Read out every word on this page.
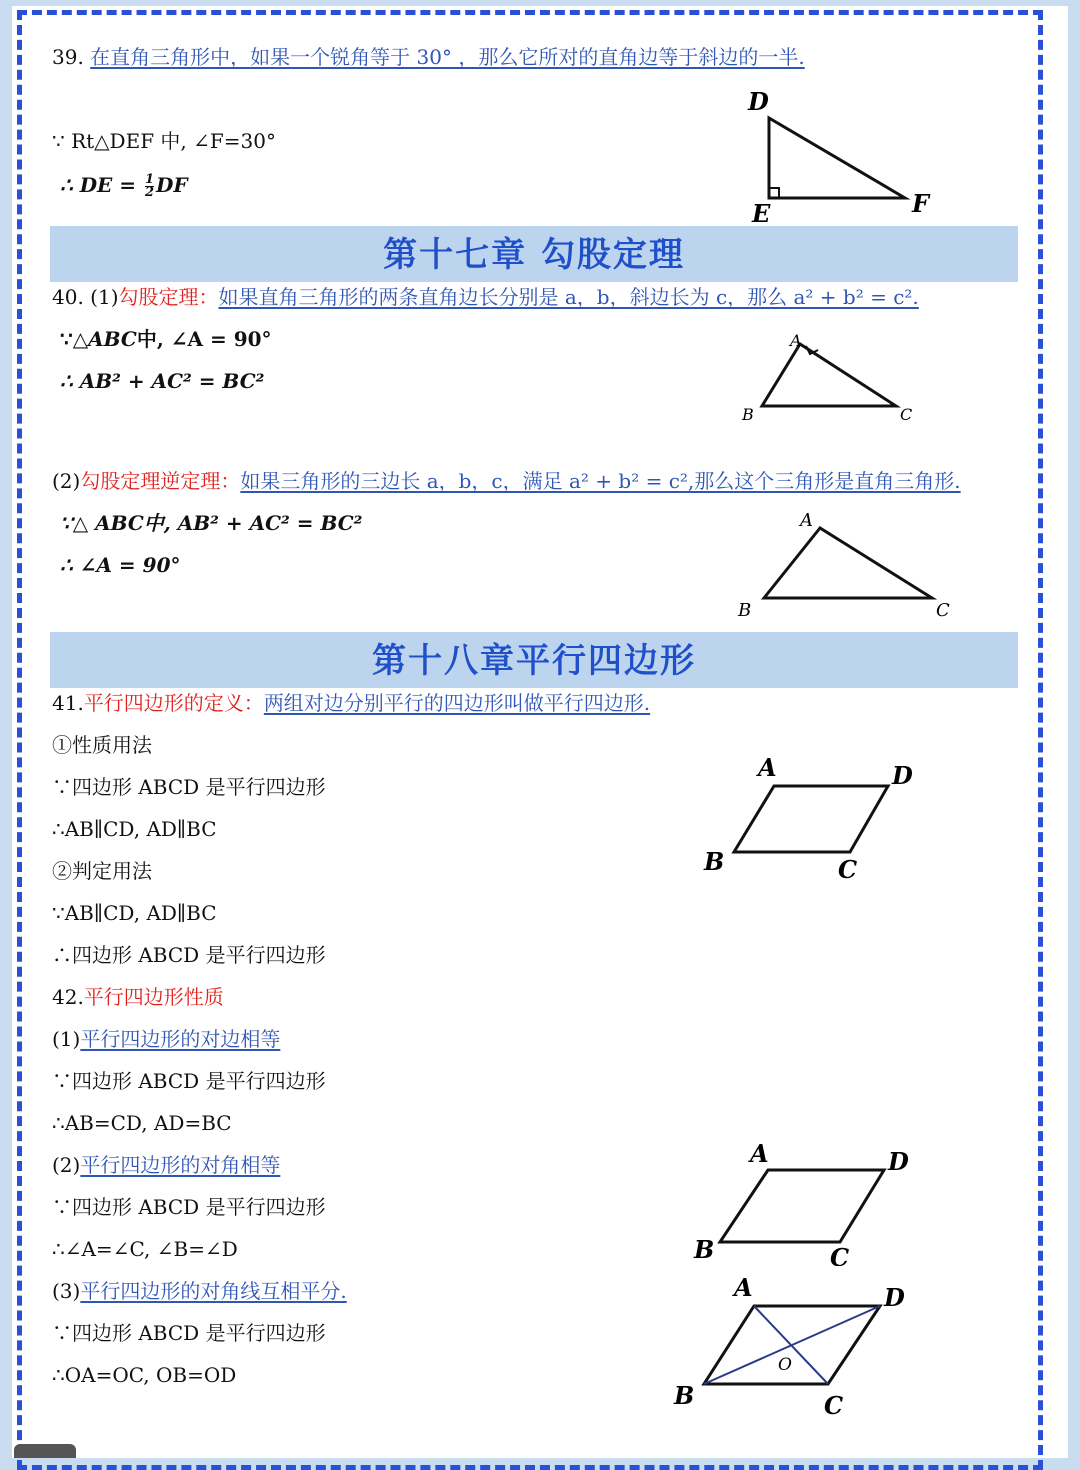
39. 在直角三角形中，如果一个锐角等于 30° ，那么它所对的直角边等于斜边的一半.
∵ Rt△DEF 中, ∠F=30°
∴ DE = $\frac{1}{2}$ DF
D
E	F
第十七章 勾股定理
40. (1)勾股定理：如果直角三角形的两条直角边长分别是 a，b，斜边长为 c，那么 a² + b² = c².
∵△ABC中, ∠A = 90°
∴ AB² + AC² = BC²
A
B	C
(2)勾股定理逆定理：如果三角形的三边长 a，b，c，满足 a² + b² = c²,那么这个三角形是直角三角形.
∵△ ABC中, AB² + AC² = BC²
∴ ∠A = 90°
A
B	C
第十八章平行四边形
41.平行四边形的定义：两组对边分别平行的四边形叫做平行四边形.
①性质用法
∵四边形 ABCD 是平行四边形
∴AB∥CD, AD∥BC
②判定用法
∵AB∥CD, AD∥BC
∴四边形 ABCD 是平行四边形
A	D
B	C
42.平行四边形性质
(1)平行四边形的对边相等
∵四边形 ABCD 是平行四边形
∴AB=CD, AD=BC
(2)平行四边形的对角相等
∵四边形 ABCD 是平行四边形
∴∠A=∠C, ∠B=∠D
(3)平行四边形的对角线互相平分.
∵四边形 ABCD 是平行四边形
∴OA=OC, OB=OD
A	D
B	C
A	D
B	C
O
